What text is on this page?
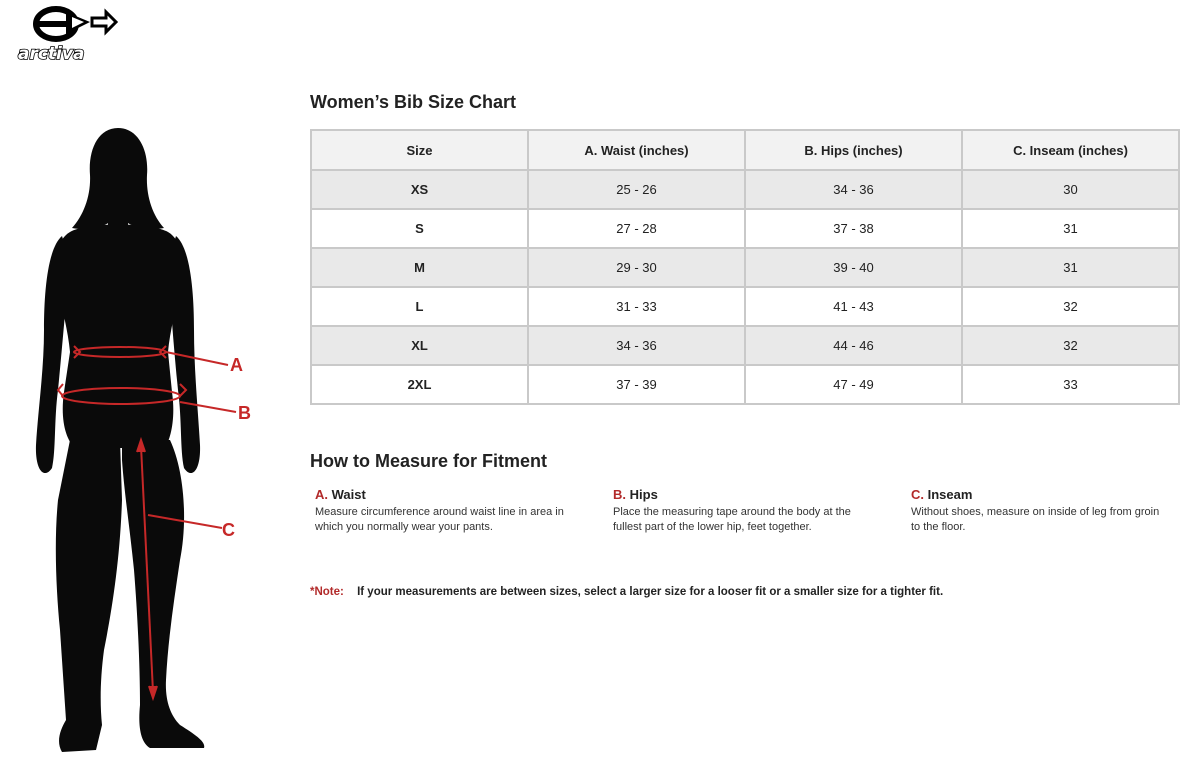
arctiva
A
B
C
Women’s Bib Size Chart
Size	A. Waist (inches)	B. Hips (inches)	C. Inseam (inches)
XS	25 - 26	34 - 36	30
S	27 - 28	37 - 38	31
M	29 - 30	39 - 40	31
L	31 - 33	41 - 43	32
XL	34 - 36	44 - 46	32
2XL	37 - 39	47 - 49	33
How to Measure for Fitment
A. Waist
Measure circumference around waist line in area in which you normally wear your pants.
B. Hips
Place the measuring tape around the body at the fullest part of the lower hip, feet together.
C. Inseam
Without shoes, measure on inside of leg from groin to the floor.
*Note: If your measurements are between sizes, select a larger size for a looser fit or a smaller size for a tighter fit.
